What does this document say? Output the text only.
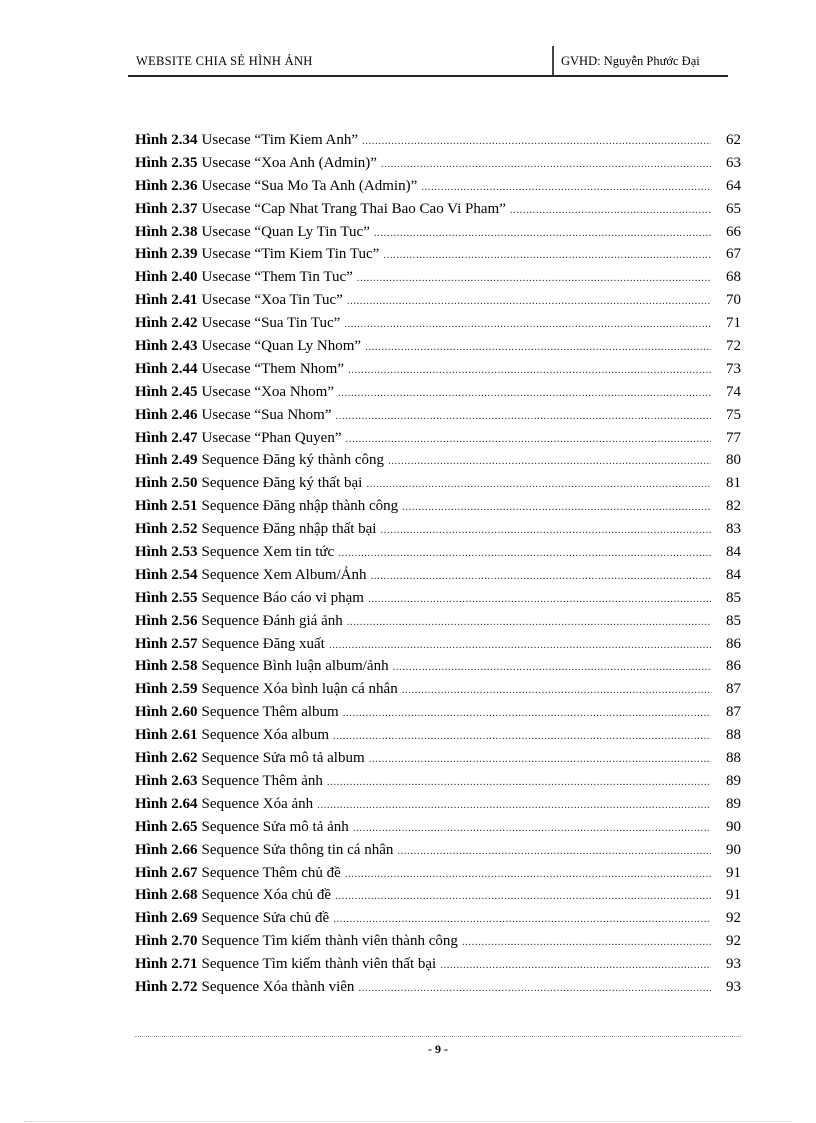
WEBSITE CHIA SẺ HÌNH ẢNH	GVHD: Nguyễn Phước Đại
Hình 2.34 Usecase “Tim Kiem Anh” .....	62
Hình 2.35 Usecase “Xoa Anh (Admin)” .....	63
Hình 2.36 Usecase “Sua Mo Ta Anh (Admin)” .....	64
Hình 2.37 Usecase “Cap Nhat Trang Thai Bao Cao Vi Pham” .....	65
Hình 2.38 Usecase “Quan Ly Tin Tuc” .....	66
Hình 2.39 Usecase “Tim Kiem Tin Tuc” .....	67
Hình 2.40 Usecase “Them Tin Tuc” .....	68
Hình 2.41 Usecase “Xoa Tin Tuc” .....	70
Hình 2.42 Usecase “Sua Tin Tuc” .....	71
Hình 2.43 Usecase “Quan Ly Nhom” .....	72
Hình 2.44 Usecase “Them Nhom” .....	73
Hình 2.45 Usecase “Xoa Nhom” .....	74
Hình 2.46 Usecase “Sua Nhom” .....	75
Hình 2.47 Usecase “Phan Quyen” .....	77
Hình 2.49 Sequence Đăng ký thành công .....	80
Hình 2.50 Sequence Đăng ký thất bại .....	81
Hình 2.51 Sequence Đăng nhập thành công .....	82
Hình 2.52 Sequence Đăng nhập thất bại .....	83
Hình 2.53 Sequence Xem tin tức .....	84
Hình 2.54 Sequence Xem Album/Ảnh .....	84
Hình 2.55 Sequence Báo cáo vi phạm .....	85
Hình 2.56 Sequence Đánh giá ảnh .....	85
Hình 2.57 Sequence Đăng xuất .....	86
Hình 2.58 Sequence Bình luận album/ảnh .....	86
Hình 2.59 Sequence Xóa bình luận cá nhân .....	87
Hình 2.60 Sequence Thêm album .....	87
Hình 2.61 Sequence Xóa album .....	88
Hình 2.62 Sequence Sửa mô tả album .....	88
Hình 2.63 Sequence Thêm ảnh .....	89
Hình 2.64 Sequence Xóa ảnh .....	89
Hình 2.65 Sequence Sửa mô tả ảnh .....	90
Hình 2.66 Sequence Sửa thông tin cá nhân .....	90
Hình 2.67 Sequence Thêm chủ đề .....	91
Hình 2.68 Sequence Xóa chủ đề .....	91
Hình 2.69 Sequence Sửa chủ đề .....	92
Hình 2.70 Sequence Tìm kiếm thành viên thành công .....	92
Hình 2.71 Sequence Tìm kiếm thành viên thất bại .....	93
Hình 2.72 Sequence Xóa thành viên .....	93
- 9 -
